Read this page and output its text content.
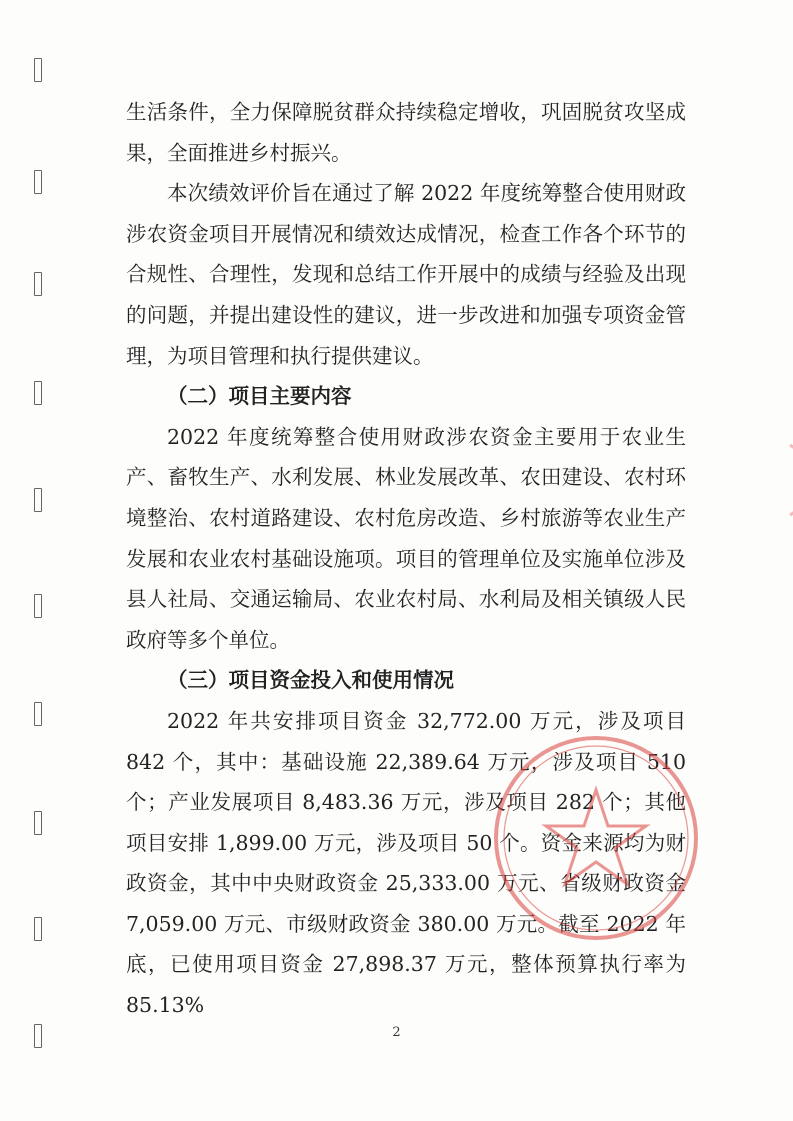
生活条件，全力保障脱贫群众持续稳定增收，巩固脱贫攻坚成果，全面推进乡村振兴。

本次绩效评价旨在通过了解 2022 年度统筹整合使用财政涉农资金项目开展情况和绩效达成情况，检查工作各个环节的合规性、合理性，发现和总结工作开展中的成绩与经验及出现的问题，并提出建设性的建议，进一步改进和加强专项资金管理，为项目管理和执行提供建议。

（二）项目主要内容

2022 年度统筹整合使用财政涉农资金主要用于农业生产、畜牧生产、水利发展、林业发展改革、农田建设、农村环境整治、农村道路建设、农村危房改造、乡村旅游等农业生产发展和农业农村基础设施项。项目的管理单位及实施单位涉及县人社局、交通运输局、农业农村局、水利局及相关镇级人民政府等多个单位。

（三）项目资金投入和使用情况

2022 年共安排项目资金 32,772.00 万元，涉及项目 842 个，其中：基础设施 22,389.64 万元，涉及项目 510 个；产业发展项目 8,483.36 万元，涉及项目 282 个；其他项目安排 1,899.00 万元，涉及项目 50 个。资金来源均为财政资金，其中中央财政资金 25,333.00 万元、省级财政资金 7,059.00 万元、市级财政资金 380.00 万元。截至 2022 年底，已使用项目资金 27,898.37 万元，整体预算执行率为 85.13%

2
